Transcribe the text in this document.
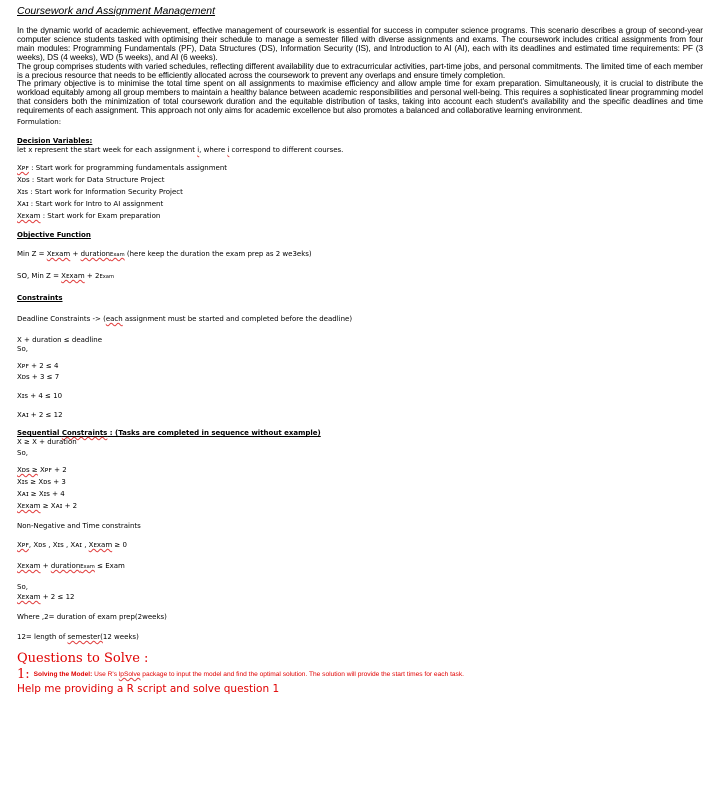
Coursework and Assignment Management

In the dynamic world of academic achievement, effective management of coursework is essential for success in computer science programs. This scenario describes a group of second-year computer science students tasked with optimising their schedule to manage a semester filled with diverse assignments and exams. The coursework includes critical assignments from four main modules: Programming Fundamentals (PF), Data Structures (DS), Information Security (IS), and Introduction to AI (AI), each with its deadlines and estimated time requirements: PF (3 weeks), DS (4 weeks), WD (5 weeks), and AI (6 weeks).

The group comprises students with varied schedules, reflecting different availability due to extracurricular activities, part-time jobs, and personal commitments. The limited time of each member is a precious resource that needs to be efficiently allocated across the coursework to prevent any overlaps and ensure timely completion.

The primary objective is to minimise the total time spent on all assignments to maximise efficiency and allow ample time for exam preparation. Simultaneously, it is crucial to distribute the workload equitably among all group members to maintain a healthy balance between academic responsibilities and personal well-being. This requires a sophisticated linear programming model that considers both the minimization of total coursework duration and the equitable distribution of tasks, taking into account each student's availability and the specific deadlines and time requirements of each assignment. This approach not only aims for academic excellence but also promotes a balanced and collaborative learning environment.

Formulation:

Decision Variables:

let x represent the start week for each assignment i, where i correspond to different courses.

Xᴘꜰ : Start work for programming fundamentals assignment

Xᴅꜱ : Start work for Data Structure Project

Xɪꜱ : Start work for Information Security Project

Xᴀɪ : Start work for Intro to AI assignment

Xᴇxam : Start work for Exam preparation

Objective Function

Min Z = Xᴇxam + durationExam (here keep the duration the exam prep as 2 we3eks)

SO, Min Z = Xᴇxam + 2Exam

Constraints

Deadline Constraints -> (each assignment must be started and completed before the deadline)

X + duration ≤ deadline

So,

Xᴘꜰ + 2 ≤ 4

Xᴅꜱ + 3 ≤ 7

Xɪꜱ + 4 ≤ 10

Xᴀɪ + 2 ≤ 12

Sequential Constraints : (Tasks are completed in sequence without example)

X ≥ X + duration

So,

Xᴅꜱ ≥ Xᴘꜰ + 2

Xɪꜱ ≥ Xᴅꜱ + 3

Xᴀɪ ≥ Xɪꜱ + 4

Xᴇxam ≥ Xᴀɪ + 2

Non-Negative and Time constraints

Xᴘꜰ, Xᴅꜱ , Xɪꜱ , Xᴀɪ , Xᴇxam ≥ 0

Xᴇxam + durationExam ≤ Exam

So,

Xᴇxam + 2 ≤ 12

Where ,2= duration of exam prep(2weeks)

12= length of semester(12 weeks)

Questions to Solve :

1: Solving the Model: Use R's lpSolve package to input the model and find the optimal solution. The solution will provide the start times for each task.

Help me providing a R script and solve question 1
